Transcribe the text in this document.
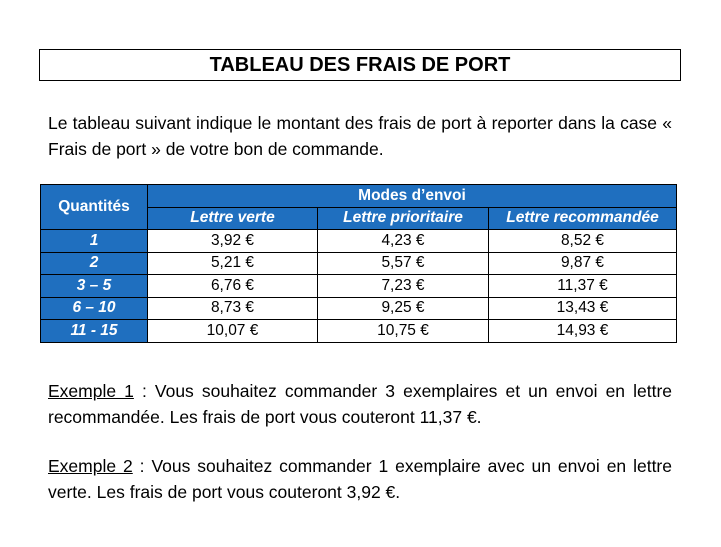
TABLEAU DES FRAIS DE PORT

Le tableau suivant indique le montant des frais de port à reporter dans la case « Frais de port » de votre bon de commande.

Quantités	Modes d’envoi		
	Lettre verte	Lettre prioritaire	Lettre recommandée
1	3,92 €	4,23 €	8,52 €
2	5,21 €	5,57 €	9,87 €
3 – 5	6,76 €	7,23 €	11,37 €
6 – 10	8,73 €	9,25 €	13,43 €
11 - 15	10,07 €	10,75 €	14,93 €

Exemple 1 : Vous souhaitez commander 3 exemplaires et un envoi en lettre recommandée. Les frais de port vous couteront 11,37 €.

Exemple 2 : Vous souhaitez commander 1 exemplaire avec un envoi en lettre verte. Les frais de port vous couteront 3,92 €.
